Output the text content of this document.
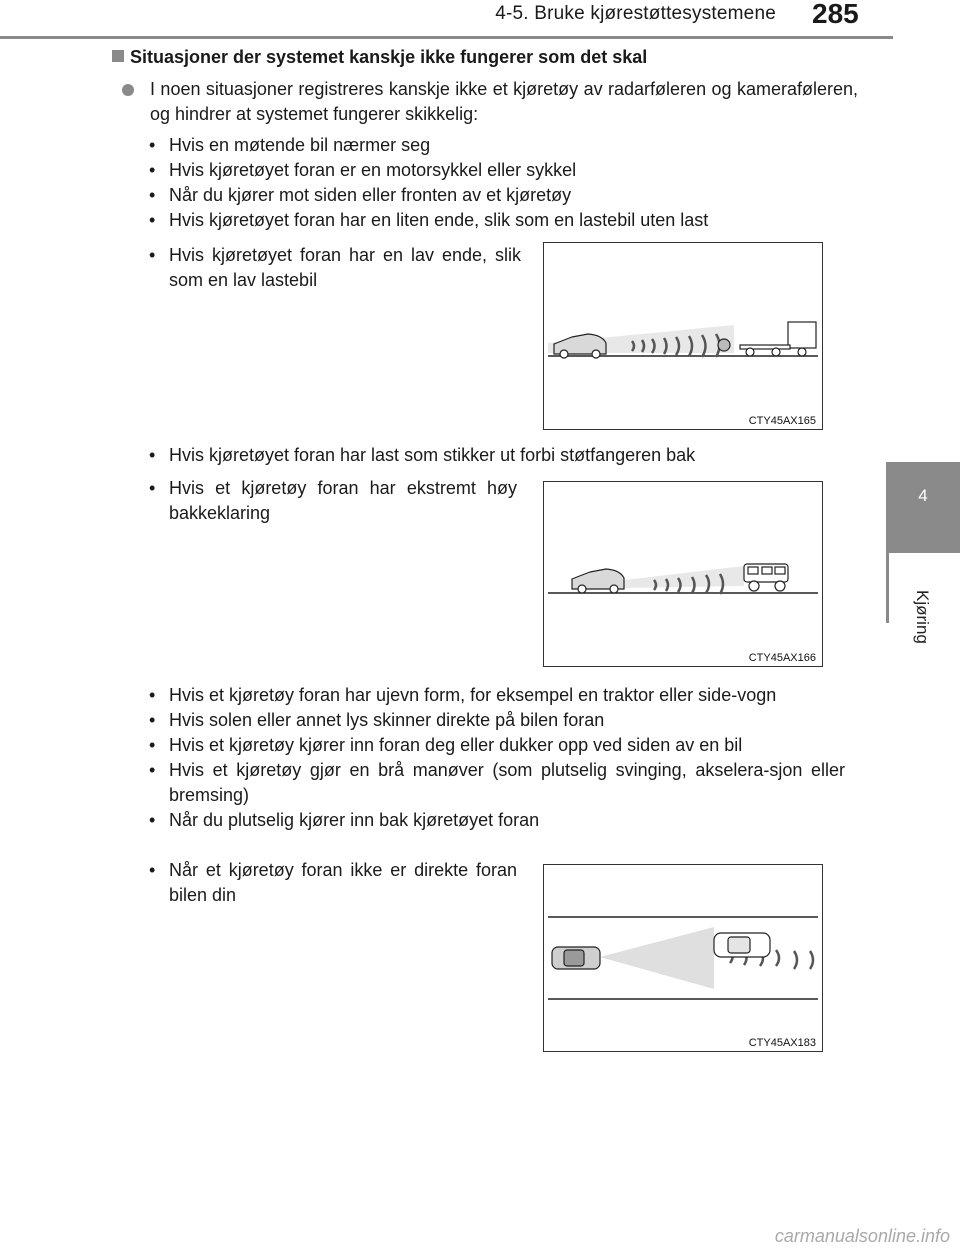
4-5. Bruke kjørestøttesystemene 285
4
Kjøring
Situasjoner der systemet kanskje ikke fungerer som det skal
I noen situasjoner registreres kanskje ikke et kjøretøy av radarføleren og kameraføleren, og hindrer at systemet fungerer skikkelig:
• Hvis en møtende bil nærmer seg
• Hvis kjøretøyet foran er en motorsykkel eller sykkel
• Når du kjører mot siden eller fronten av et kjøretøy
• Hvis kjøretøyet foran har en liten ende, slik som en lastebil uten last
• Hvis kjøretøyet foran har en lav ende, slik som en lav lastebil
CTY45AX165
• Hvis kjøretøyet foran har last som stikker ut forbi støtfangeren bak
• Hvis et kjøretøy foran har ekstremt høy bakkeklaring
CTY45AX166
• Hvis et kjøretøy foran har ujevn form, for eksempel en traktor eller side-vogn
• Hvis solen eller annet lys skinner direkte på bilen foran
• Hvis et kjøretøy kjører inn foran deg eller dukker opp ved siden av en bil
• Hvis et kjøretøy gjør en brå manøver (som plutselig svinging, akselera-sjon eller bremsing)
• Når du plutselig kjører inn bak kjøretøyet foran
• Når et kjøretøy foran ikke er direkte foran bilen din
CTY45AX183
carmanualsonline.info
